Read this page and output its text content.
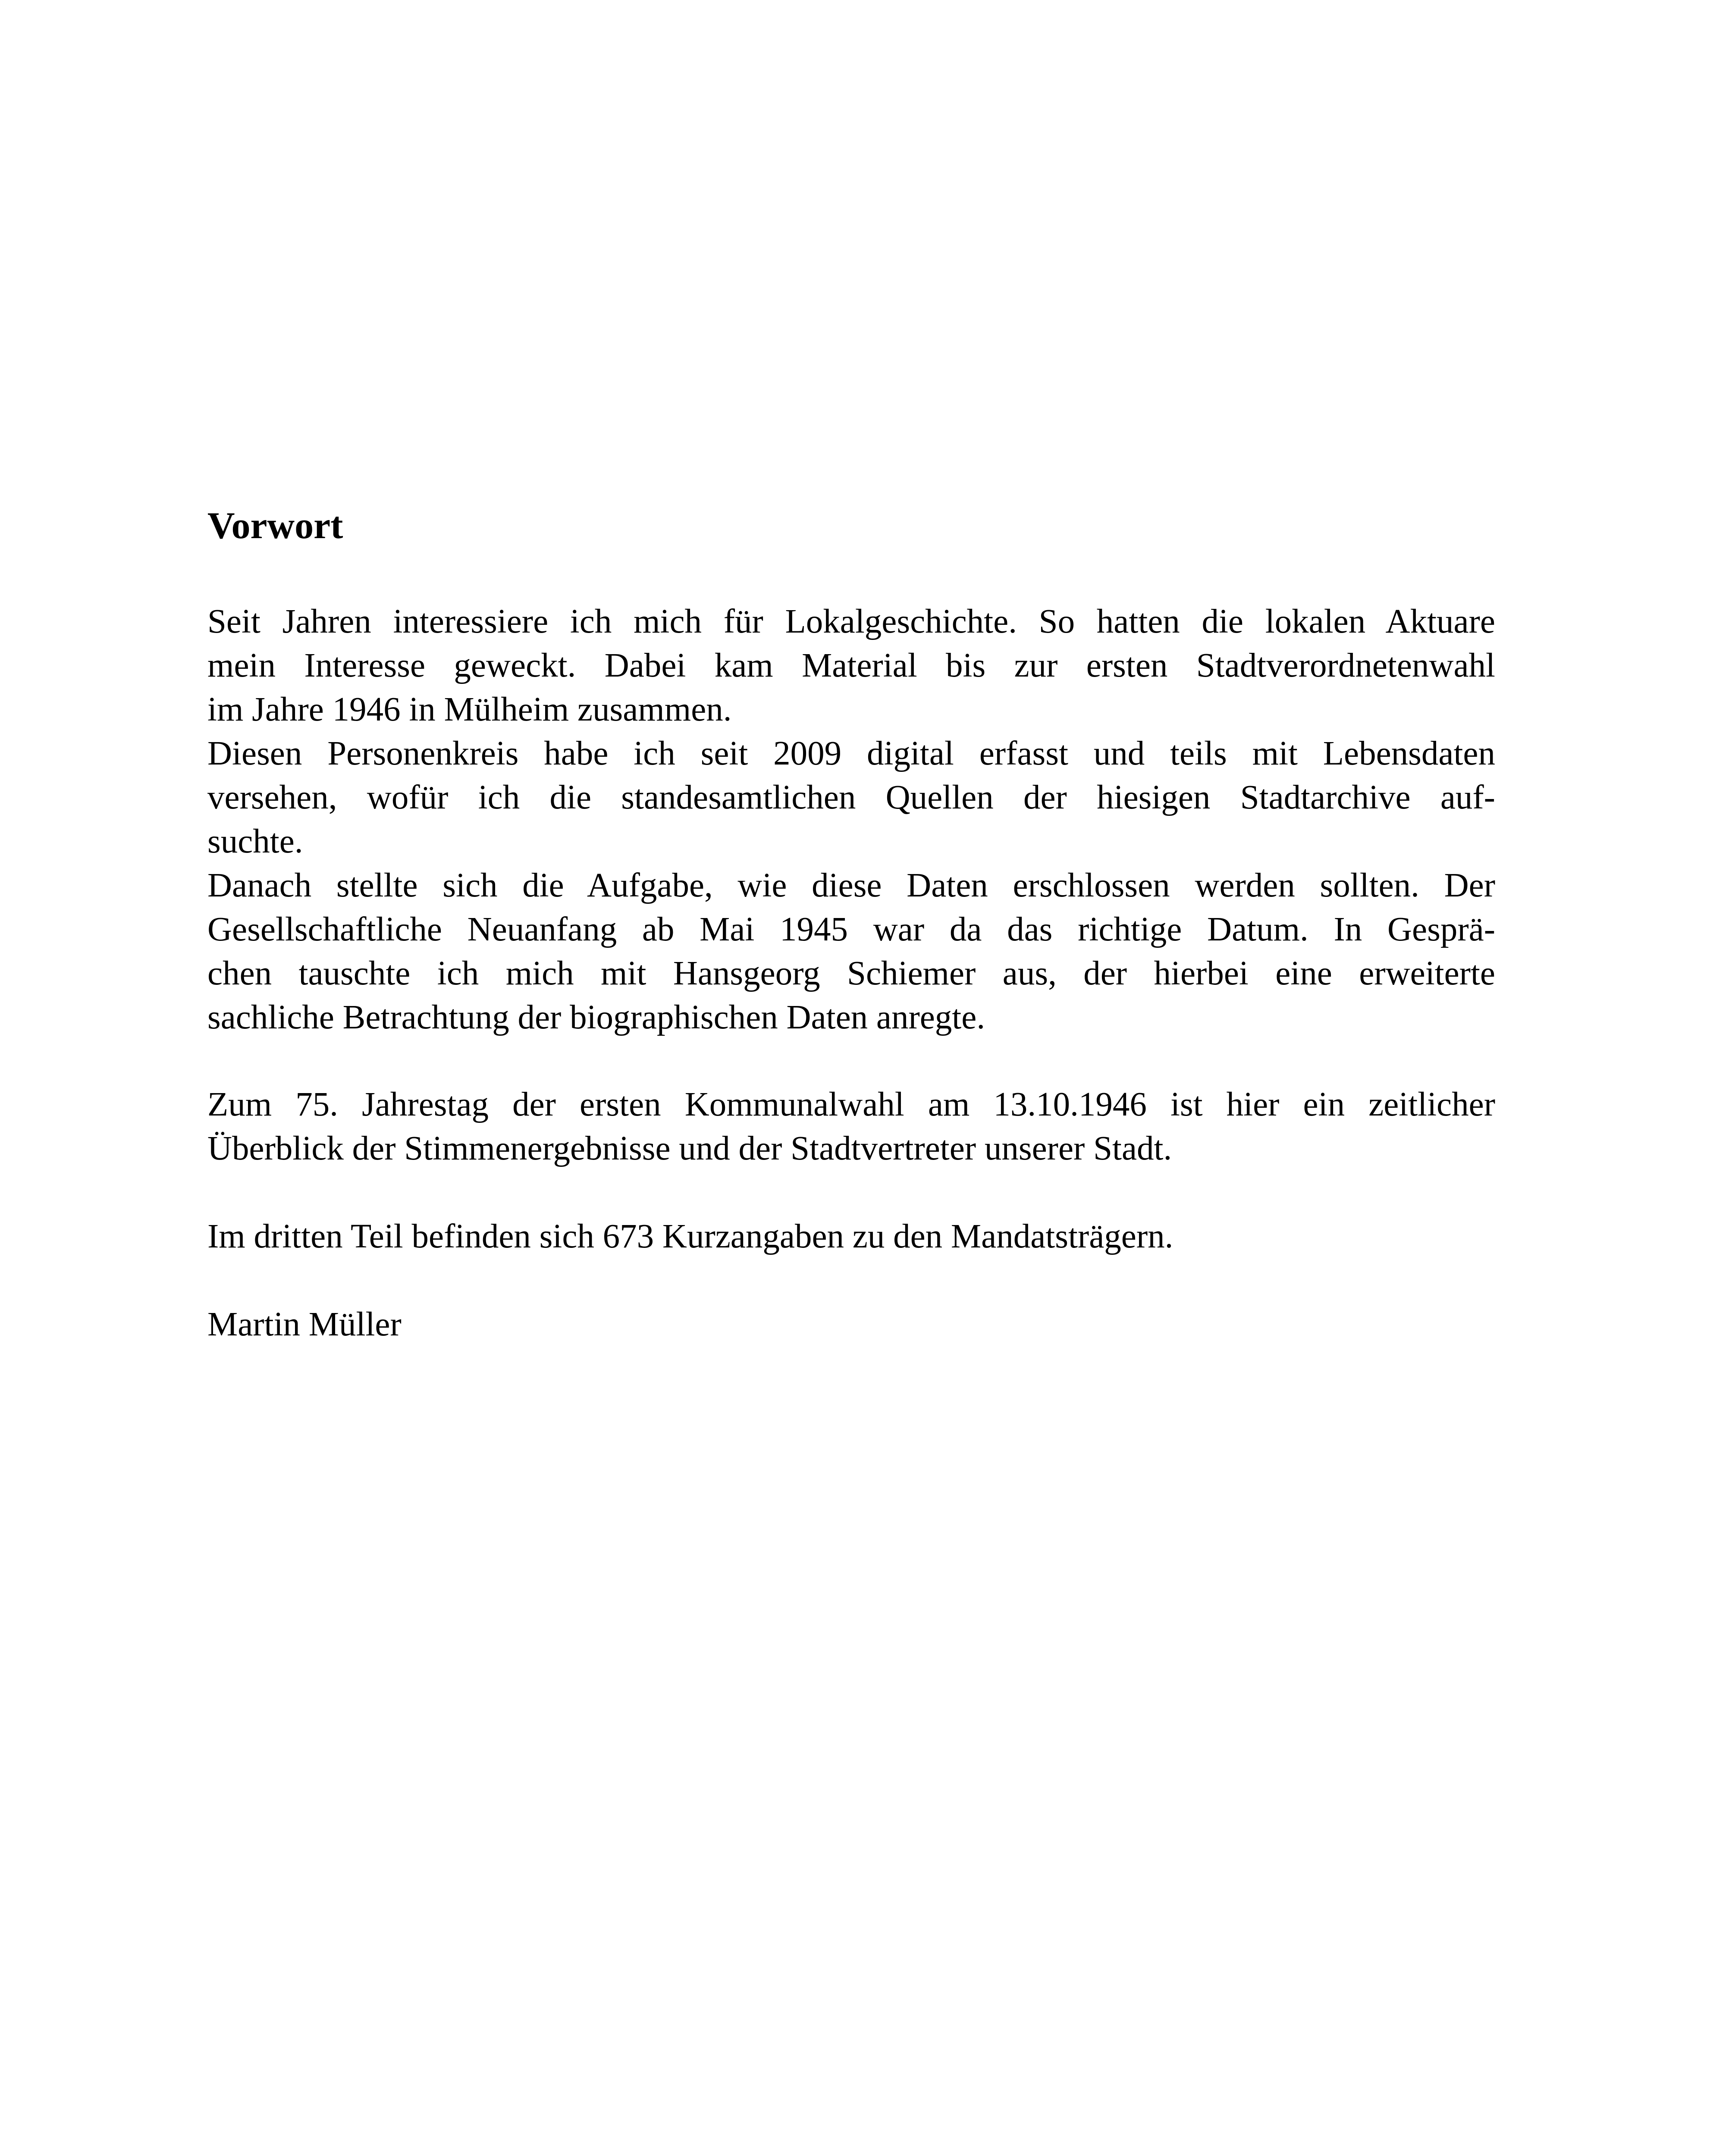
Vorwort
Seit Jahren interessiere ich mich für Lokalgeschichte. So hatten die lokalen Aktuare
mein Interesse geweckt. Dabei kam Material bis zur ersten Stadtverordnetenwahl
im Jahre 1946 in Mülheim zusammen.
Diesen Personenkreis habe ich seit 2009 digital erfasst und teils mit Lebensdaten
versehen, wofür ich die standesamtlichen Quellen der hiesigen Stadtarchive auf-
suchte.
Danach stellte sich die Aufgabe, wie diese Daten erschlossen werden sollten. Der
Gesellschaftliche Neuanfang ab Mai 1945 war da das richtige Datum. In Gesprä-
chen tauschte ich mich mit Hansgeorg Schiemer aus, der hierbei eine erweiterte
sachliche Betrachtung der biographischen Daten anregte.
Zum 75. Jahrestag der ersten Kommunalwahl am 13.10.1946 ist hier ein zeitlicher
Überblick der Stimmenergebnisse und der Stadtvertreter unserer Stadt.
Im dritten Teil befinden sich 673 Kurzangaben zu den Mandatsträgern.
Martin Müller
